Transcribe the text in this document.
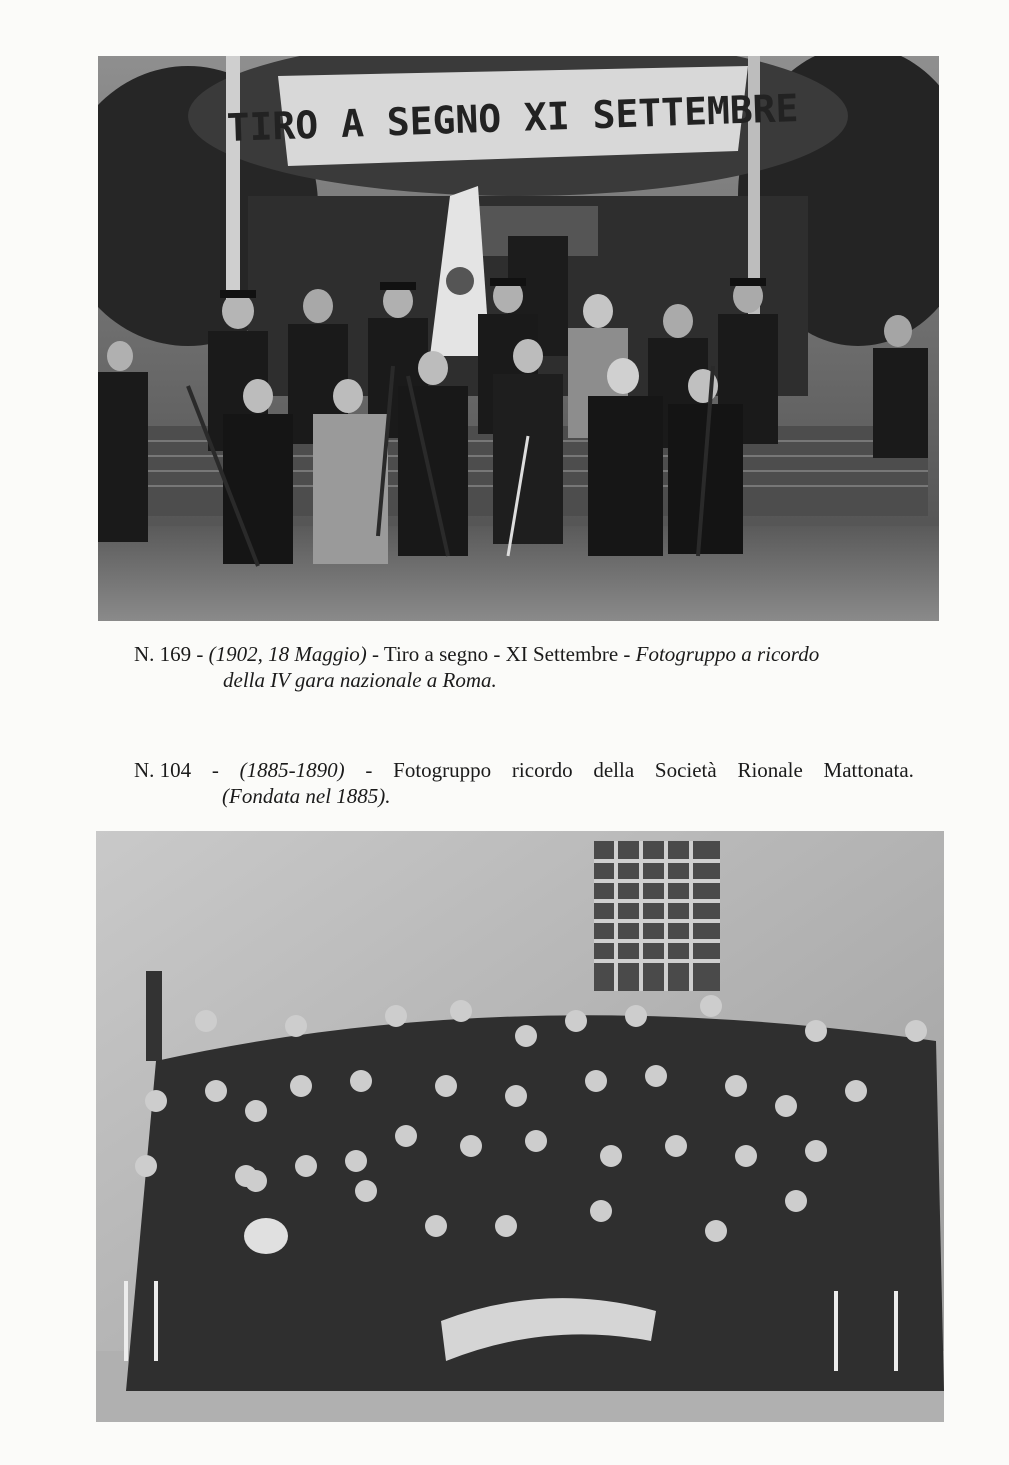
TIRO A SEGNO XI SETTEMBRE
N. 169 - (1902, 18 Maggio) - Tiro a segno - XI Settembre - Fotogruppo a ricordo
della IV gara nazionale a Roma.
N. 104 - (1885-1890) - Fotogruppo ricordo della Società Rionale Mattonata.
(Fondata nel 1885).
